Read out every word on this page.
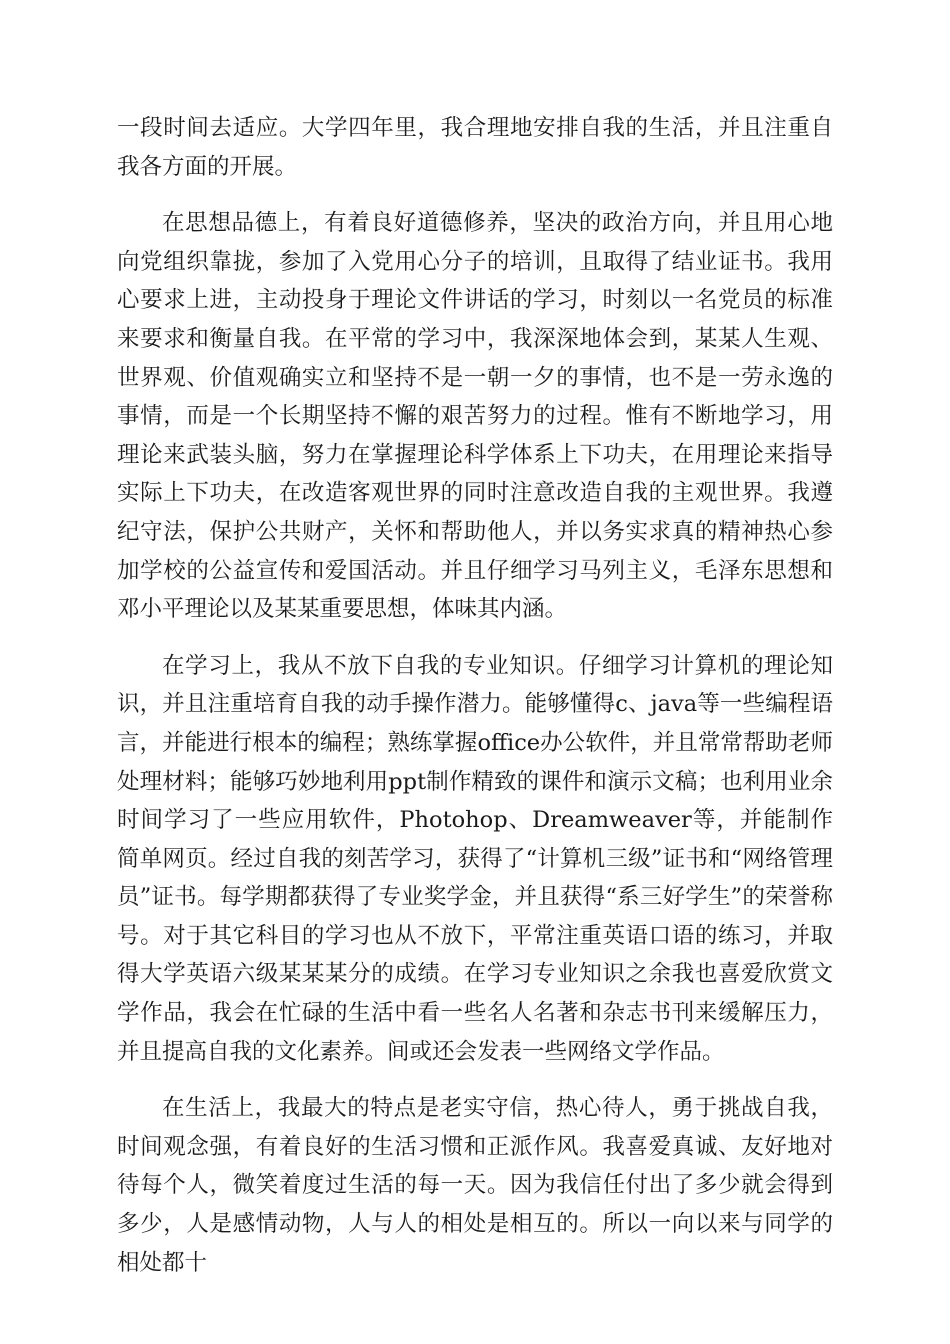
一段时间去适应。大学四年里，我合理地安排自我的生活，并且注重自我各方面的开展。

在思想品德上，有着良好道德修养，坚决的政治方向，并且用心地向党组织靠拢，参加了入党用心分子的培训，且取得了结业证书。我用心要求上进，主动投身于理论文件讲话的学习，时刻以一名党员的标准来要求和衡量自我。在平常的学习中，我深深地体会到，某某人生观、世界观、价值观确实立和坚持不是一朝一夕的事情，也不是一劳永逸的事情，而是一个长期坚持不懈的艰苦努力的过程。惟有不断地学习，用理论来武装头脑，努力在掌握理论科学体系上下功夫，在用理论来指导实际上下功夫，在改造客观世界的同时注意改造自我的主观世界。我遵纪守法，保护公共财产，关怀和帮助他人，并以务实求真的精神热心参加学校的公益宣传和爱国活动。并且仔细学习马列主义，毛泽东思想和邓小平理论以及某某重要思想，体味其内涵。

在学习上，我从不放下自我的专业知识。仔细学习计算机的理论知识，并且注重培育自我的动手操作潜力。能够懂得c、java等一些编程语言，并能进行根本的编程；熟练掌握office办公软件，并且常常帮助老师处理材料；能够巧妙地利用ppt制作精致的课件和演示文稿；也利用业余时间学习了一些应用软件，Photohop、Dreamweaver等，并能制作简单网页。经过自我的刻苦学习，获得了“计算机三级”证书和“网络管理员”证书。每学期都获得了专业奖学金，并且获得“系三好学生”的荣誉称号。对于其它科目的学习也从不放下，平常注重英语口语的练习，并取得大学英语六级某某某分的成绩。在学习专业知识之余我也喜爱欣赏文学作品，我会在忙碌的生活中看一些名人名著和杂志书刊来缓解压力，并且提高自我的文化素养。间或还会发表一些网络文学作品。

在生活上，我最大的特点是老实守信，热心待人，勇于挑战自我，时间观念强，有着良好的生活习惯和正派作风。我喜爱真诚、友好地对待每个人，微笑着度过生活的每一天。因为我信任付出了多少就会得到多少，人是感情动物，人与人的相处是相互的。所以一向以来与同学的相处都十
